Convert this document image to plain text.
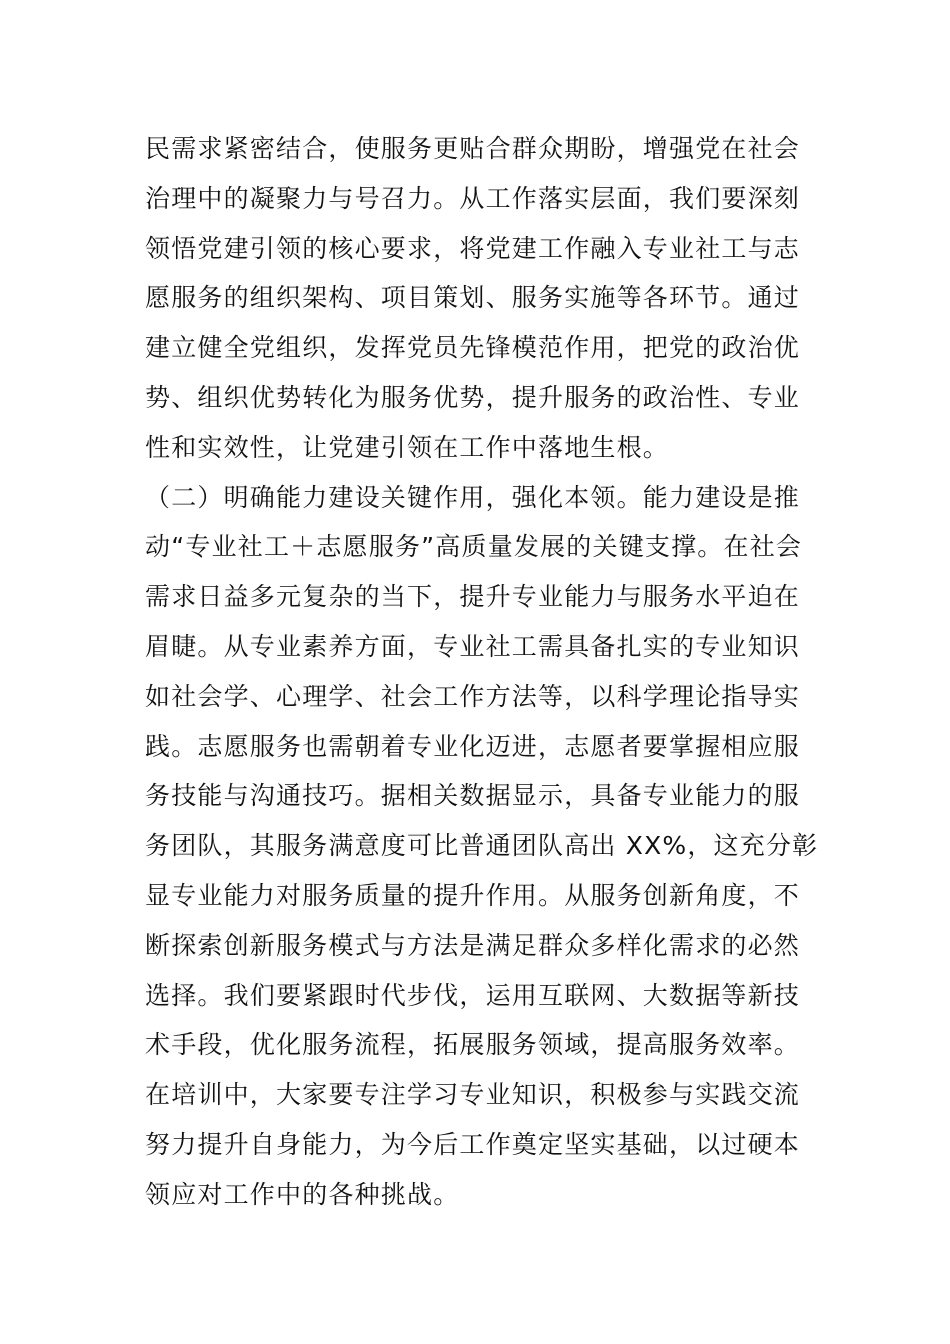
民需求紧密结合，使服务更贴合群众期盼，增强党在社会
治理中的凝聚力与号召力。从工作落实层面，我们要深刻
领悟党建引领的核心要求，将党建工作融入专业社工与志
愿服务的组织架构、项目策划、服务实施等各环节。通过
建立健全党组织，发挥党员先锋模范作用，把党的政治优
势、组织优势转化为服务优势，提升服务的政治性、专业
性和实效性，让党建引领在工作中落地生根。
（二）明确能力建设关键作用，强化本领。能力建设是推
动“专业社工＋志愿服务”高质量发展的关键支撑。在社会
需求日益多元复杂的当下，提升专业能力与服务水平迫在
眉睫。从专业素养方面，专业社工需具备扎实的专业知识
如社会学、心理学、社会工作方法等，以科学理论指导实
践。志愿服务也需朝着专业化迈进，志愿者要掌握相应服
务技能与沟通技巧。据相关数据显示，具备专业能力的服
务团队，其服务满意度可比普通团队高出 XX%，这充分彰
显专业能力对服务质量的提升作用。从服务创新角度，不
断探索创新服务模式与方法是满足群众多样化需求的必然
选择。我们要紧跟时代步伐，运用互联网、大数据等新技
术手段，优化服务流程，拓展服务领域，提高服务效率。
在培训中，大家要专注学习专业知识，积极参与实践交流
努力提升自身能力，为今后工作奠定坚实基础，以过硬本
领应对工作中的各种挑战。
